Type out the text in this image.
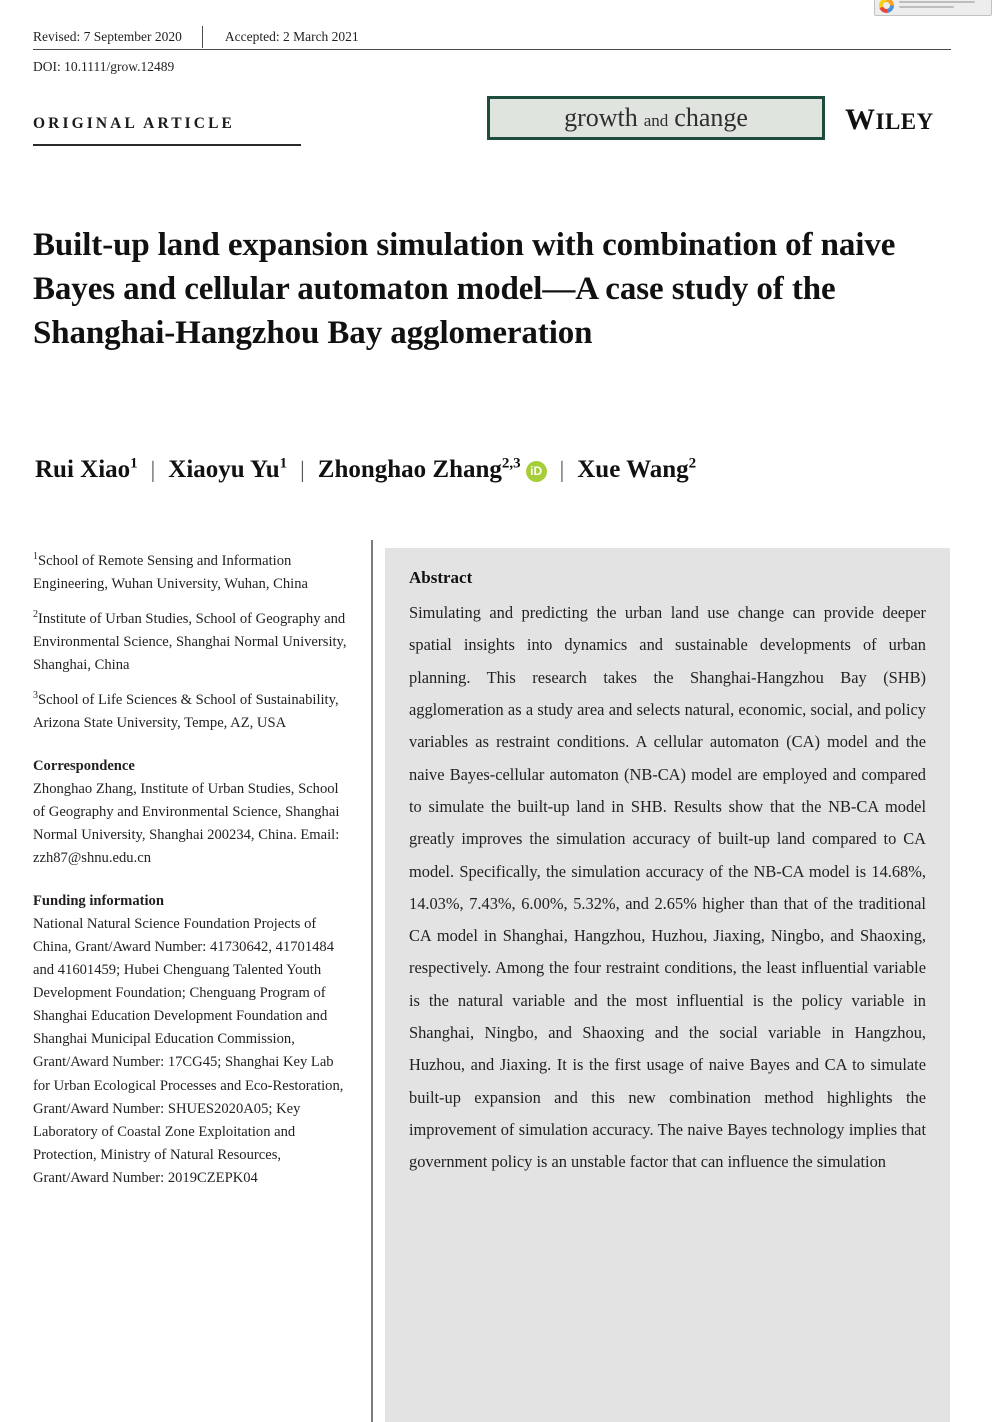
Revised: 7 September 2020	Accepted: 2 March 2021
DOI: 10.1111/grow.12489
ORIGINAL ARTICLE	growth and change	WILEY
Built-up land expansion simulation with combination of naive Bayes and cellular automaton model—A case study of the Shanghai-Hangzhou Bay agglomeration
Rui Xiao$^1$ | Xiaoyu Yu$^1$ | Zhonghao Zhang$^{2,3}$ iD | Xue Wang$^2$

$^1$School of Remote Sensing and Information Engineering, Wuhan University, Wuhan, China

$^2$Institute of Urban Studies, School of Geography and Environmental Science, Shanghai Normal University, Shanghai, China

$^3$School of Life Sciences & School of Sustainability, Arizona State University, Tempe, AZ, USA

Correspondence
Zhonghao Zhang, Institute of Urban Studies, School of Geography and Environmental Science, Shanghai Normal University, Shanghai 200234, China. Email: zzh87@shnu.edu.cn
Funding information
National Natural Science Foundation Projects of China, Grant/Award Number: 41730642, 41701484 and 41601459; Hubei Chenguang Talented Youth Development Foundation; Chenguang Program of Shanghai Education Development Foundation and Shanghai Municipal Education Commission, Grant/Award Number: 17CG45; Shanghai Key Lab for Urban Ecological Processes and Eco-Restoration, Grant/Award Number: SHUES2020A05; Key Laboratory of Coastal Zone Exploitation and Protection, Ministry of Natural Resources, Grant/Award Number: 2019CZEPK04
Abstract

Simulating and predicting the urban land use change can provide deeper spatial insights into dynamics and sustainable developments of urban planning. This research takes the Shanghai-Hangzhou Bay (SHB) agglomeration as a study area and selects natural, economic, social, and policy variables as restraint conditions. A cellular automaton (CA) model and the naive Bayes-cellular automaton (NB-CA) model are employed and compared to simulate the built-up land in SHB. Results show that the NB-CA model greatly improves the simulation accuracy of built-up land compared to CA model. Specifically, the simulation accuracy of the NB-CA model is 14.68%, 14.03%, 7.43%, 6.00%, 5.32%, and 2.65% higher than that of the traditional CA model in Shanghai, Hangzhou, Huzhou, Jiaxing, Ningbo, and Shaoxing, respectively. Among the four restraint conditions, the least influential variable is the natural variable and the most influential is the policy variable in Shanghai, Ningbo, and Shaoxing and the social variable in Hangzhou, Huzhou, and Jiaxing. It is the first usage of naive Bayes and CA to simulate built-up expansion and this new combination method highlights the improvement of simulation accuracy. The naive Bayes technology implies that government policy is an unstable factor that can influence the simulation
